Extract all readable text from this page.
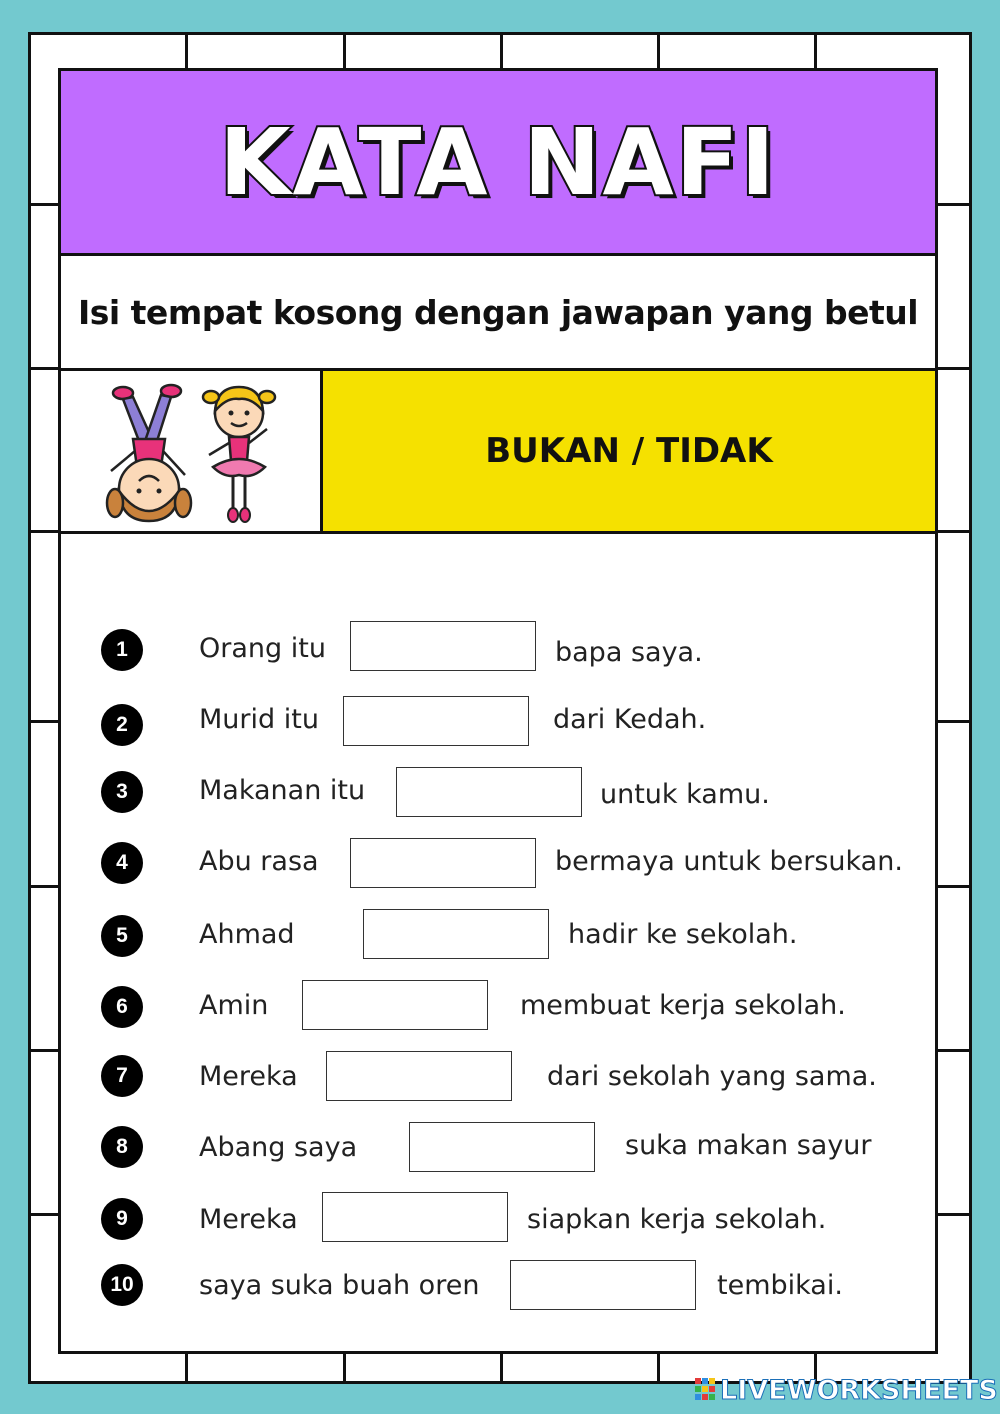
KATA NAFI
Isi tempat kosong dengan jawapan yang betul
BUKAN / TIDAK
1	Orang itu	bapa saya.
2	Murid itu	dari Kedah.
3	Makanan itu	untuk kamu.
4	Abu rasa	bermaya untuk bersukan.
5	Ahmad	hadir ke sekolah.
6	Amin	membuat kerja sekolah.
7	Mereka	dari sekolah yang sama.
8	Abang saya	suka makan sayur
9	Mereka	siapkan kerja sekolah.
10	saya suka buah oren	tembikai.
LIVEWORKSHEETS
